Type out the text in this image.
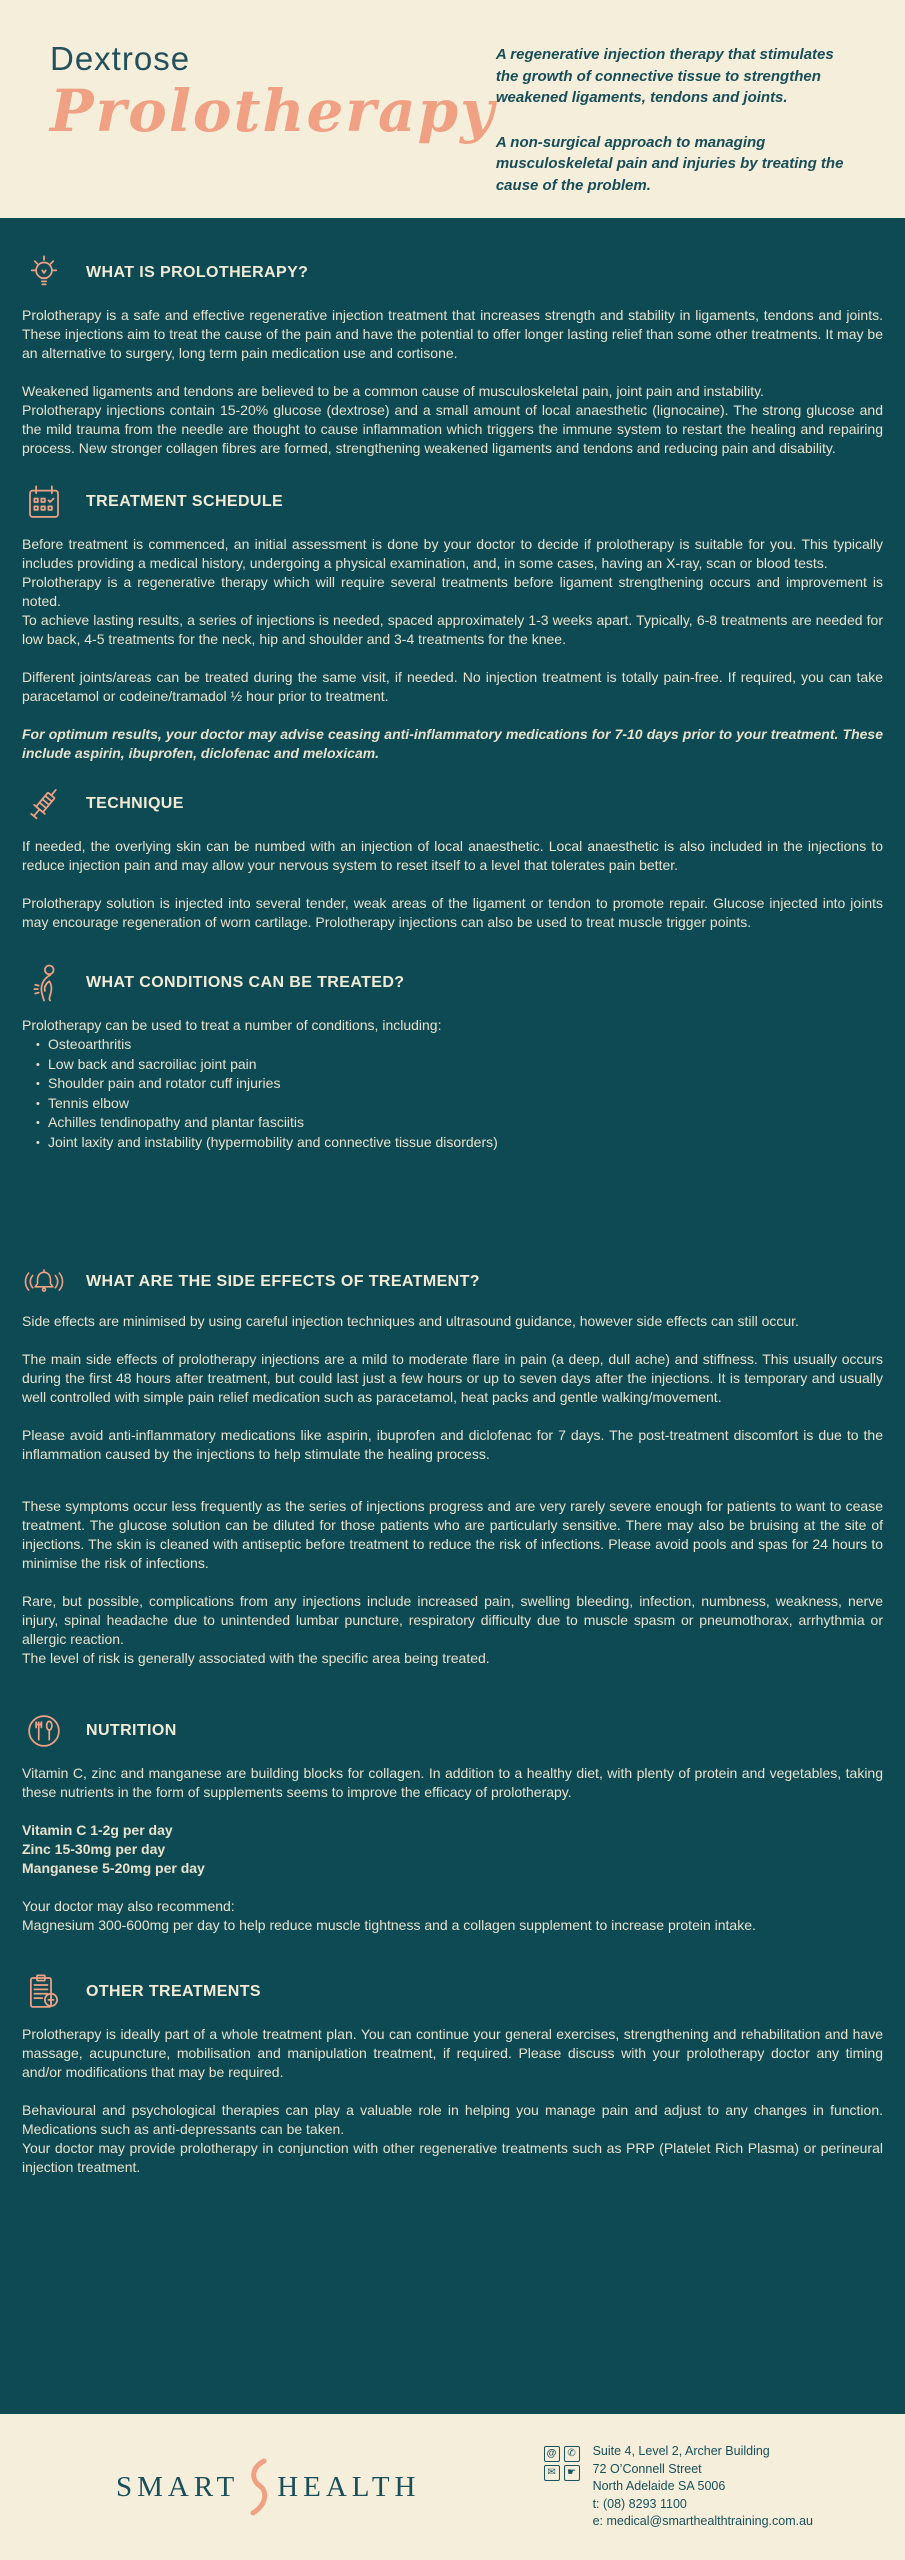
Dextrose
Prolotherapy

A regenerative injection therapy that stimulates the growth of connective tissue to strengthen weakened ligaments, tendons and joints.

A non-surgical approach to managing musculoskeletal pain and injuries by treating the cause of the problem.

WHAT IS PROLOTHERAPY?

Prolotherapy is a safe and effective regenerative injection treatment that increases strength and stability in ligaments, tendons and joints. These injections aim to treat the cause of the pain and have the potential to offer longer lasting relief than some other treatments. It may be an alternative to surgery, long term pain medication use and cortisone.

Weakened ligaments and tendons are believed to be a common cause of musculoskeletal pain, joint pain and instability.

Prolotherapy injections contain 15-20% glucose (dextrose) and a small amount of local anaesthetic (lignocaine). The strong glucose and the mild trauma from the needle are thought to cause inflammation which triggers the immune system to restart the healing and repairing process. New stronger collagen fibres are formed, strengthening weakened ligaments and tendons and reducing pain and disability.

TREATMENT SCHEDULE

Before treatment is commenced, an initial assessment is done by your doctor to decide if prolotherapy is suitable for you. This typically includes providing a medical history, undergoing a physical examination, and, in some cases, having an X-ray, scan or blood tests.

Prolotherapy is a regenerative therapy which will require several treatments before ligament strengthening occurs and improvement is noted.

To achieve lasting results, a series of injections is needed, spaced approximately 1-3 weeks apart. Typically, 6-8 treatments are needed for low back, 4-5 treatments for the neck, hip and shoulder and 3-4 treatments for the knee.

Different joints/areas can be treated during the same visit, if needed. No injection treatment is totally pain-free. If required, you can take paracetamol or codeine/tramadol ½ hour prior to treatment.

For optimum results, your doctor may advise ceasing anti-inflammatory medications for 7-10 days prior to your treatment. These include aspirin, ibuprofen, diclofenac and meloxicam.

TECHNIQUE

If needed, the overlying skin can be numbed with an injection of local anaesthetic. Local anaesthetic is also included in the injections to reduce injection pain and may allow your nervous system to reset itself to a level that tolerates pain better.

Prolotherapy solution is injected into several tender, weak areas of the ligament or tendon to promote repair. Glucose injected into joints may encourage regeneration of worn cartilage. Prolotherapy injections can also be used to treat muscle trigger points.

WHAT CONDITIONS CAN BE TREATED?

Prolotherapy can be used to treat a number of conditions, including:

• Osteoarthritis
• Low back and sacroiliac joint pain
• Shoulder pain and rotator cuff injuries
• Tennis elbow
• Achilles tendinopathy and plantar fasciitis
• Joint laxity and instability (hypermobility and connective tissue disorders)
WHAT ARE THE SIDE EFFECTS OF TREATMENT?

Side effects are minimised by using careful injection techniques and ultrasound guidance, however side effects can still occur.

The main side effects of prolotherapy injections are a mild to moderate flare in pain (a deep, dull ache) and stiffness. This usually occurs during the first 48 hours after treatment, but could last just a few hours or up to seven days after the injections. It is temporary and usually well controlled with simple pain relief medication such as paracetamol, heat packs and gentle walking/movement.

Please avoid anti-inflammatory medications like aspirin, ibuprofen and diclofenac for 7 days. The post-treatment discomfort is due to the inflammation caused by the injections to help stimulate the healing process.

These symptoms occur less frequently as the series of injections progress and are very rarely severe enough for patients to want to cease treatment. The glucose solution can be diluted for those patients who are particularly sensitive. There may also be bruising at the site of injections. The skin is cleaned with antiseptic before treatment to reduce the risk of infections. Please avoid pools and spas for 24 hours to minimise the risk of infections.

Rare, but possible, complications from any injections include increased pain, swelling bleeding, infection, numbness, weakness, nerve injury, spinal headache due to unintended lumbar puncture, respiratory difficulty due to muscle spasm or pneumothorax, arrhythmia or allergic reaction.

The level of risk is generally associated with the specific area being treated.

NUTRITION

Vitamin C, zinc and manganese are building blocks for collagen. In addition to a healthy diet, with plenty of protein and vegetables, taking these nutrients in the form of supplements seems to improve the efficacy of prolotherapy.

Vitamin C 1-2g per day

Zinc 15-30mg per day

Manganese 5-20mg per day

Your doctor may also recommend:

Magnesium 300-600mg per day to help reduce muscle tightness and a collagen supplement to increase protein intake.

OTHER TREATMENTS

Prolotherapy is ideally part of a whole treatment plan. You can continue your general exercises, strengthening and rehabilitation and have massage, acupuncture, mobilisation and manipulation treatment, if required. Please discuss with your prolotherapy doctor any timing and/or modifications that may be required.

Behavioural and psychological therapies can play a valuable role in helping you manage pain and adjust to any changes in function. Medications such as anti-depressants can be taken.

Your doctor may provide prolotherapy in conjunction with other regenerative treatments such as PRP (Platelet Rich Plasma) or perineural injection treatment.

SMART HEALTH
@
✆
✉
☛
Suite 4, Level 2, Archer Building
72 O’Connell Street
North Adelaide SA 5006
t: (08) 8293 1100
e: medical@smarthealthtraining.com.au
